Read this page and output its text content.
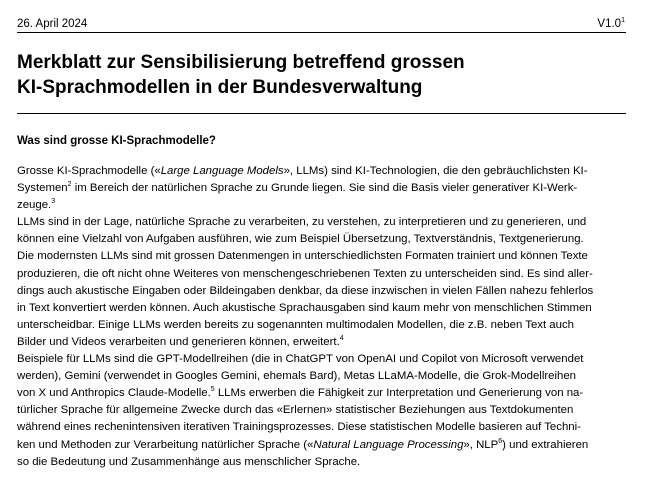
26. April 2024	$V1.0^1$
Merkblatt zur Sensibilisierung betreffend grossen
KI-Sprachmodellen in der Bundesverwaltung
Was sind grosse KI-Sprachmodelle?

Grosse KI-Sprachmodelle («Large Language Models», LLMs) sind KI-Technologien, die den gebräuchlichsten KI-
Systemen$^2$ im Bereich der natürlichen Sprache zu Grunde liegen. Sie sind die Basis vieler generativer KI-Werk-
zeuge.$^3$

LLMs sind in der Lage, natürliche Sprache zu verarbeiten, zu verstehen, zu interpretieren und zu generieren, und
können eine Vielzahl von Aufgaben ausführen, wie zum Beispiel Übersetzung, Textverständnis, Textgenerierung.
Die modernsten LLMs sind mit grossen Datenmengen in unterschiedlichsten Formaten trainiert und können Texte
produzieren, die oft nicht ohne Weiteres von menschengeschriebenen Texten zu unterscheiden sind. Es sind aller-
dings auch akustische Eingaben oder Bildeingaben denkbar, da diese inzwischen in vielen Fällen nahezu fehlerlos
in Text konvertiert werden können. Auch akustische Sprachausgaben sind kaum mehr von menschlichen Stimmen
unterscheidbar. Einige LLMs werden bereits zu sogenannten multimodalen Modellen, die z.B. neben Text auch
Bilder und Videos verarbeiten und generieren können, erweitert.$^4$

Beispiele für LLMs sind die GPT-Modellreihen (die in ChatGPT von OpenAI und Copilot von Microsoft verwendet
werden), Gemini (verwendet in Googles Gemini, ehemals Bard), Metas LLaMA-Modelle, die Grok-Modellreihen
von X und Anthropics Claude-Modelle.$^5$ LLMs erwerben die Fähigkeit zur Interpretation und Generierung von na-
türlicher Sprache für allgemeine Zwecke durch das «Erlernen» statistischer Beziehungen aus Textdokumenten
während eines rechenintensiven iterativen Trainingsprozesses. Diese statistischen Modelle basieren auf Techni-
ken und Methoden zur Verarbeitung natürlicher Sprache («Natural Language Processing», NLP$^6$) und extrahieren
so die Bedeutung und Zusammenhänge aus menschlicher Sprache.
